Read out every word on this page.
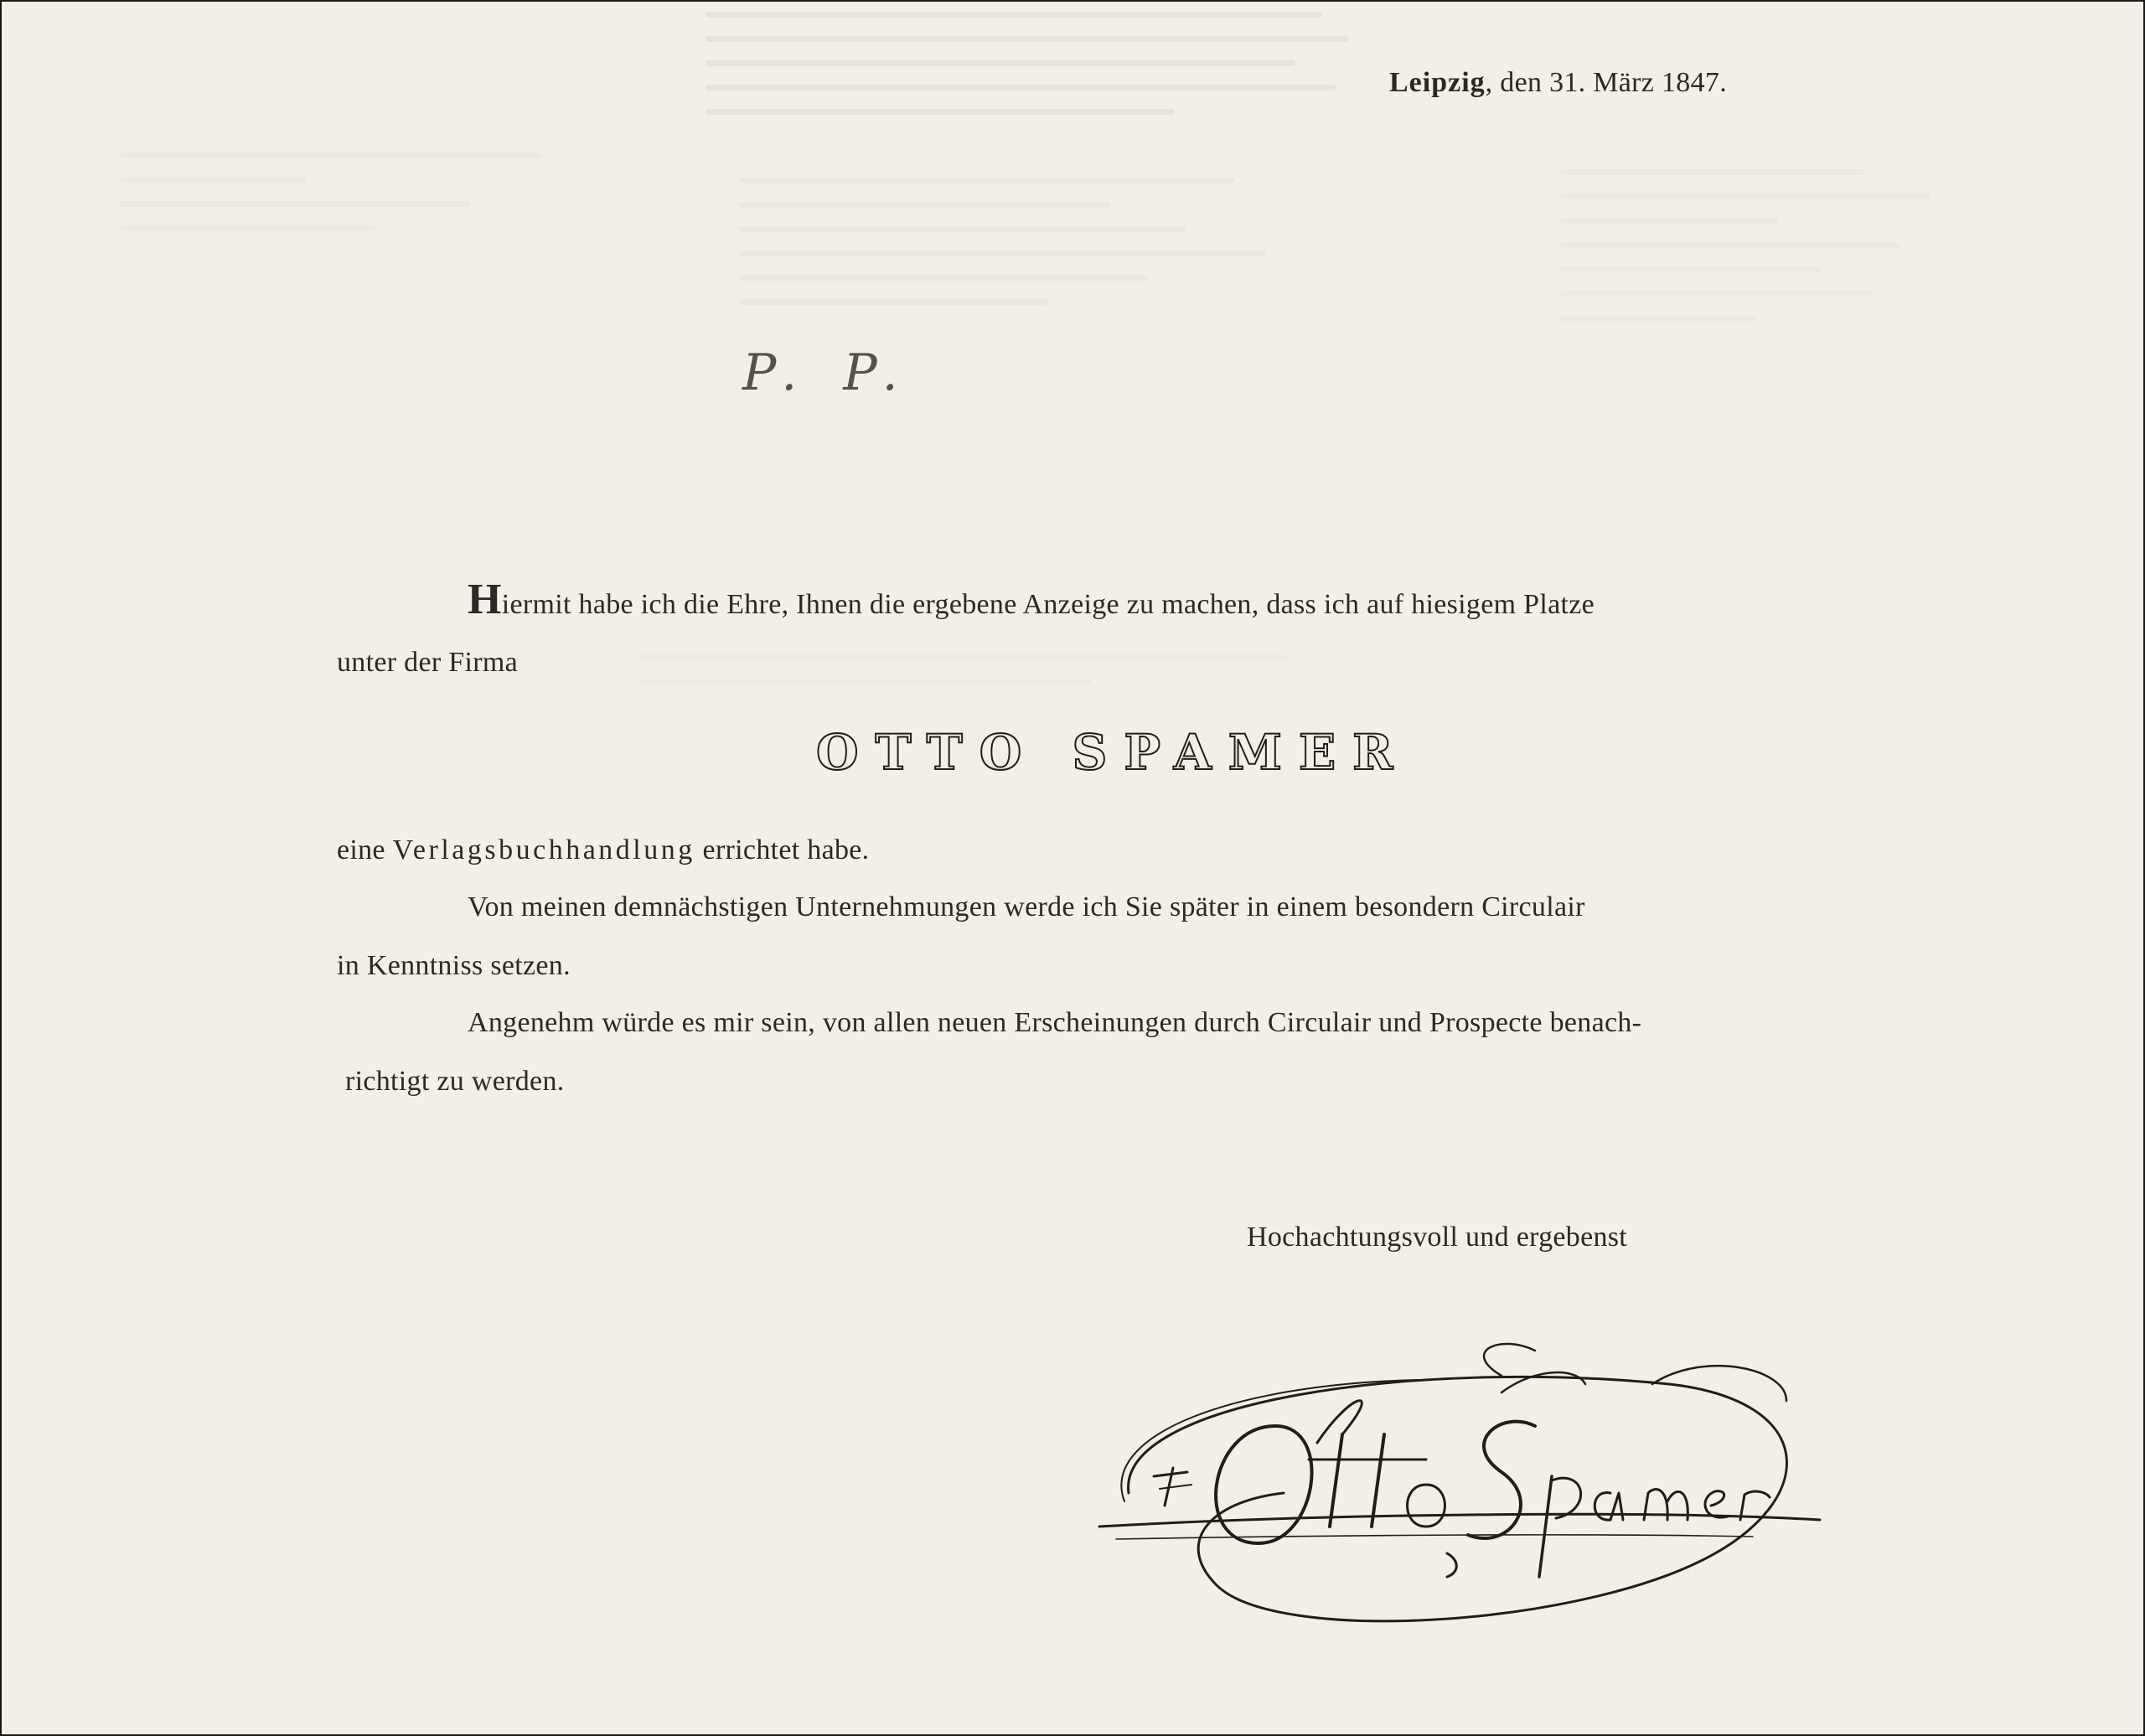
Leipzig, den 31. März 1847.
P. P.
Hiermit habe ich die Ehre, Ihnen die ergebene Anzeige zu machen, dass ich auf hiesigem Platze
unter der Firma
OTTO SPAMER
eine Verlagsbuchhandlung errichtet habe.
Von meinen demnächstigen Unternehmungen werde ich Sie später in einem besondern Circulair
in Kenntniss setzen.
Angenehm würde es mir sein, von allen neuen Erscheinungen durch Circulair und Prospecte benach-
richtigt zu werden.
Hochachtungsvoll und ergebenst
